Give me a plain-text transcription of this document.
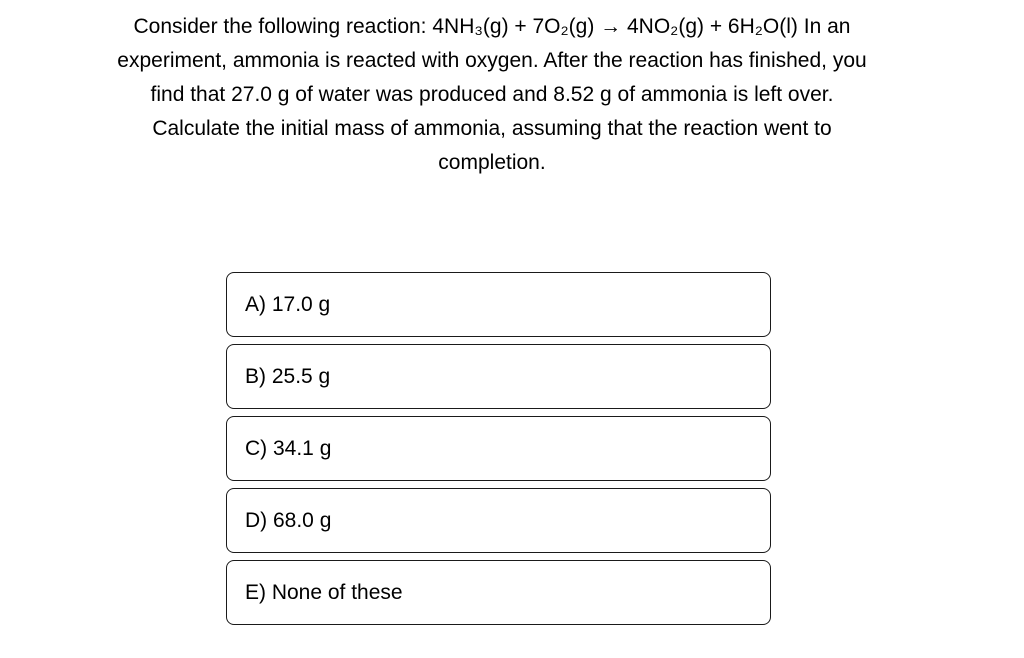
Consider the following reaction: 4NH₃(g) + 7O₂(g) → 4NO₂(g) + 6H₂O(l) In an
experiment, ammonia is reacted with oxygen. After the reaction has finished, you
find that 27.0 g of water was produced and 8.52 g of ammonia is left over.
Calculate the initial mass of ammonia, assuming that the reaction went to
completion.
A) 17.0 g
B) 25.5 g
C) 34.1 g
D) 68.0 g
E) None of these
